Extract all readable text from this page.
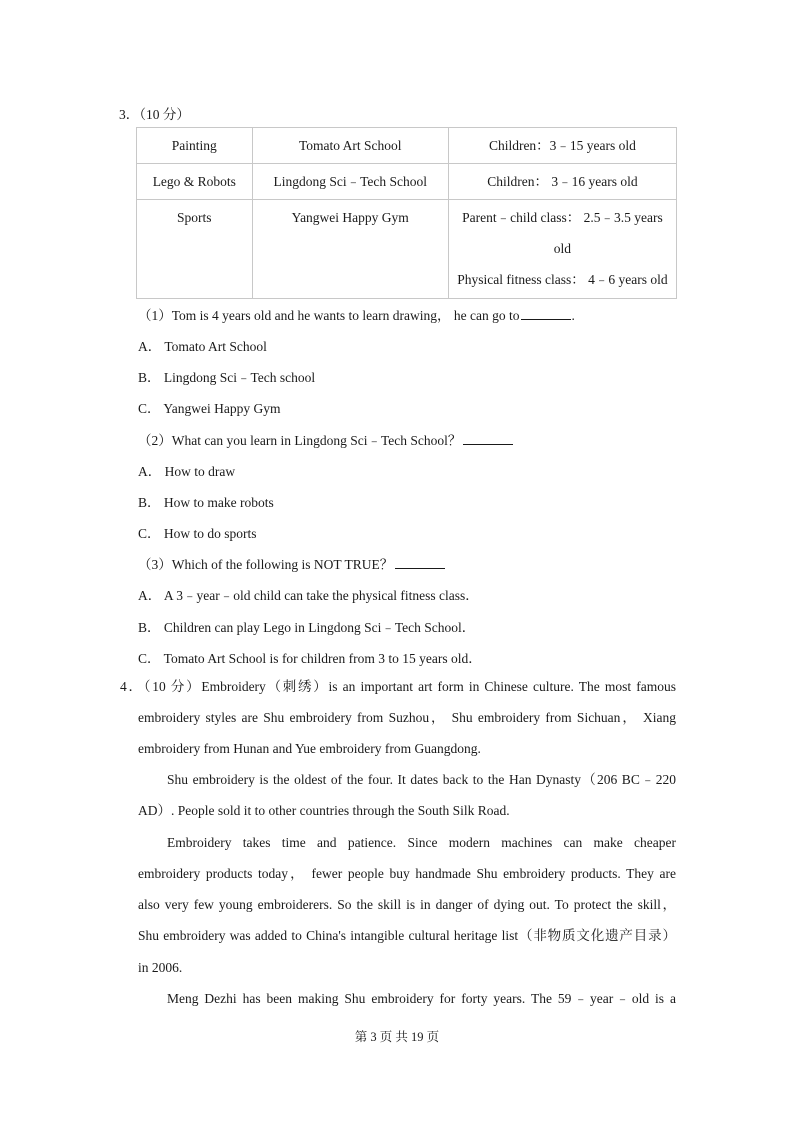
3．（10 分）
Painting	Tomato Art School	Children：3﹣15 years old
Lego & Robots	Lingdong Sci﹣Tech School	Children： 3﹣16 years old
Sports	Yangwei Happy Gym	Parent﹣child class： 2.5﹣3.5 years
old
Physical fitness class： 4﹣6 years old
（1）Tom is 4 years old and he wants to learn drawing， he can go to	.
A． Tomato Art School
B． Lingdong Sci﹣Tech school
C． Yangwei Happy Gym
（2）What can you learn in Lingdong Sci﹣Tech School？
A． How to draw
B． How to make robots
C． How to do sports
（3）Which of the following is NOT TRUE？
A． A 3﹣year﹣old child can take the physical fitness class．
B． Children can play Lego in Lingdong Sci﹣Tech School．
C． Tomato Art School is for children from 3 to 15 years old．
4．（10 分）Embroidery（刺绣）is an important art form in Chinese culture. The most famous
embroidery styles are Shu embroidery from Suzhou， Shu embroidery from Sichuan， Xiang
embroidery from Hunan and Yue embroidery from Guangdong.
Shu embroidery is the oldest of the four. It dates back to the Han Dynasty（206 BC﹣220
AD）. People sold it to other countries through the South Silk Road.
Embroidery takes time and patience. Since modern machines can make cheaper
embroidery products today， fewer people buy handmade Shu embroidery products. They are
also very few young embroiderers. So the skill is in danger of dying out. To protect the skill，
Shu embroidery was added to China's intangible cultural heritage list（非物质文化遗产目录）
in 2006.
Meng Dezhi has been making Shu embroidery for forty years. The 59﹣year﹣old is a
第 3 页 共 19 页
